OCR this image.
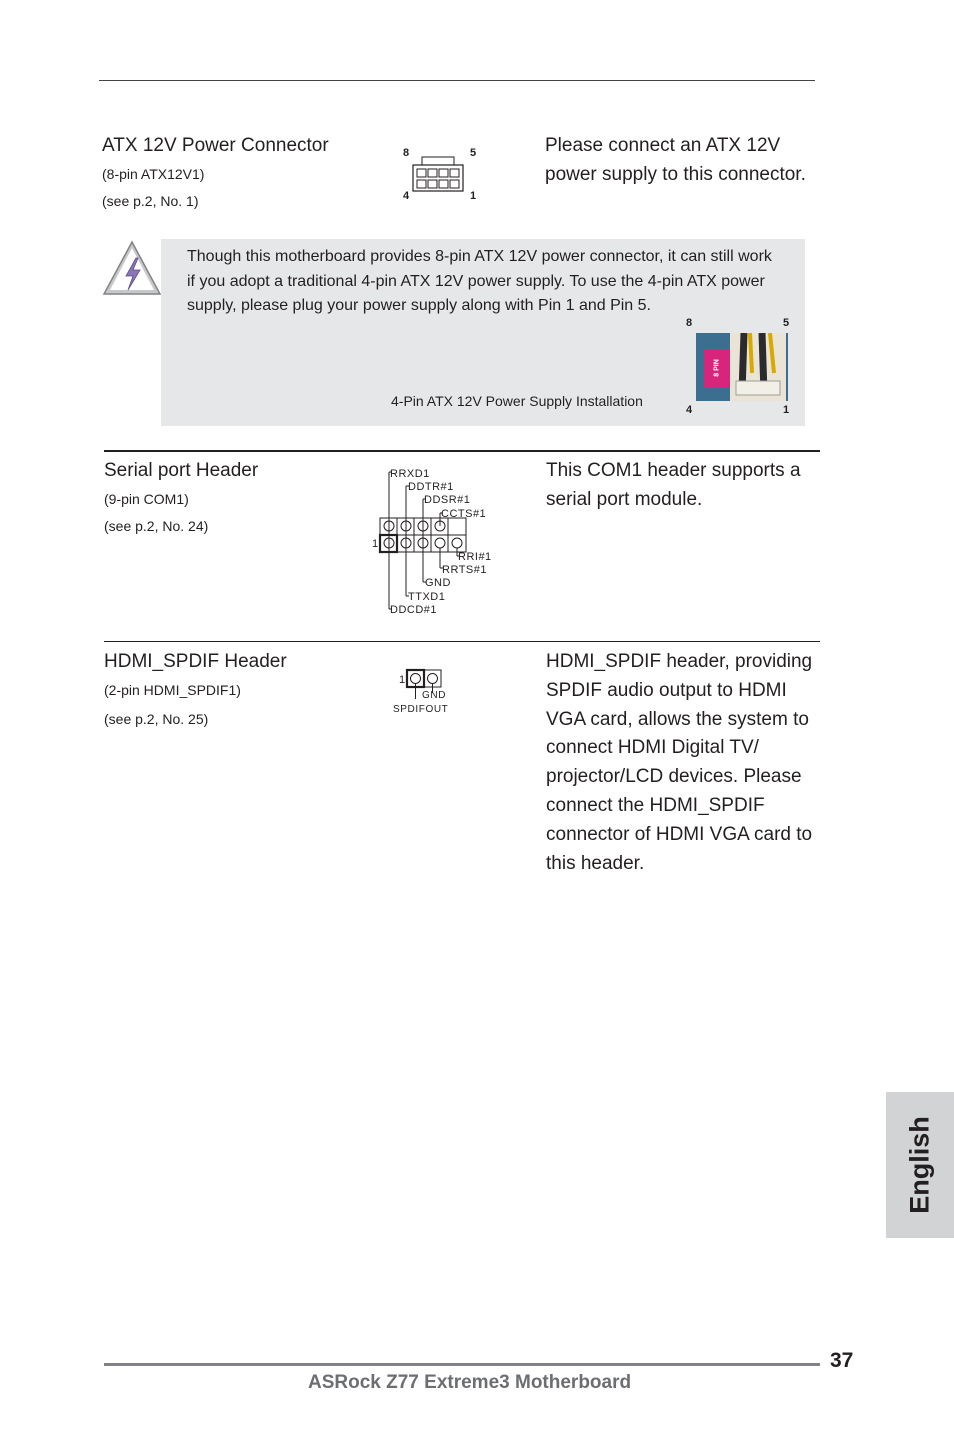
ATX 12V Power Connector
(8-pin ATX12V1)
(see p.2, No. 1)
8	5
4	1
Please connect an ATX 12V
power supply to this connector.
Though this motherboard provides 8-pin ATX 12V power connector, it can still work
if you adopt a traditional 4-pin ATX 12V power supply. To use the 4-pin ATX power
supply, please plug your power supply along with Pin 1 and Pin 5.
4-Pin ATX 12V Power Supply Installation
8	5
4	1
8 PIN
Serial port Header
(9-pin COM1)
(see p.2, No. 24)
This COM1 header supports a
serial port module.
RRXD1
DDTR#1
DDSR#1
CCTS#1
RRI#1
RRTS#1
GND
TTXD1
DDCD#1
1
HDMI_SPDIF Header
(2-pin HDMI_SPDIF1)
(see p.2, No. 25)
1
GND
SPDIFOUT
HDMI_SPDIF header, providing
SPDIF audio output to HDMI
VGA card, allows the system to
connect HDMI Digital TV/
projector/LCD devices. Please
connect the HDMI_SPDIF
connector of HDMI VGA card to
this header.
English
37
ASRock Z77 Extreme3 Motherboard
